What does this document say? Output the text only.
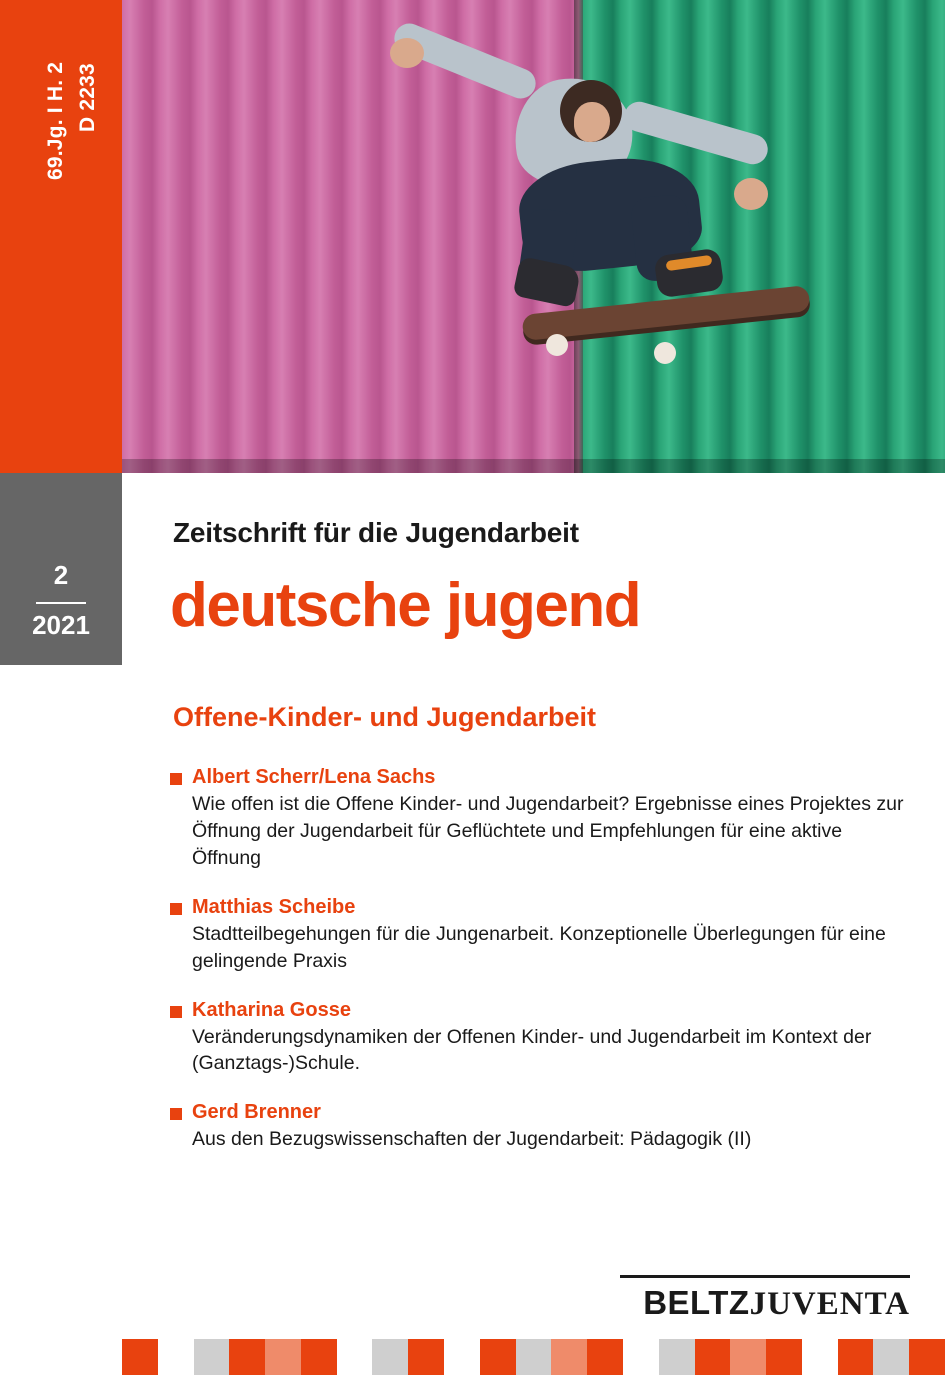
69.Jg. I H. 2 D 2233
2
2021
Zeitschrift für die Jugendarbeit
deutsche jugend
Offene-Kinder- und Jugendarbeit
Albert Scherr/Lena Sachs
Wie offen ist die Offene Kinder- und Jugendarbeit? Ergebnisse eines Projektes zur Öffnung der Jugendarbeit für Geflüchtete und Empfehlungen für eine aktive Öffnung
Matthias Scheibe
Stadtteilbegehungen für die Jungenarbeit. Konzeptionelle Überlegungen für eine gelingende Praxis
Katharina Gosse
Veränderungsdynamiken der Offenen Kinder- und Jugendarbeit im Kontext der (Ganztags-)Schule.
Gerd Brenner
Aus den Bezugswissenschaften der Jugendarbeit: Pädagogik (II)
BELTZJUVENTA
